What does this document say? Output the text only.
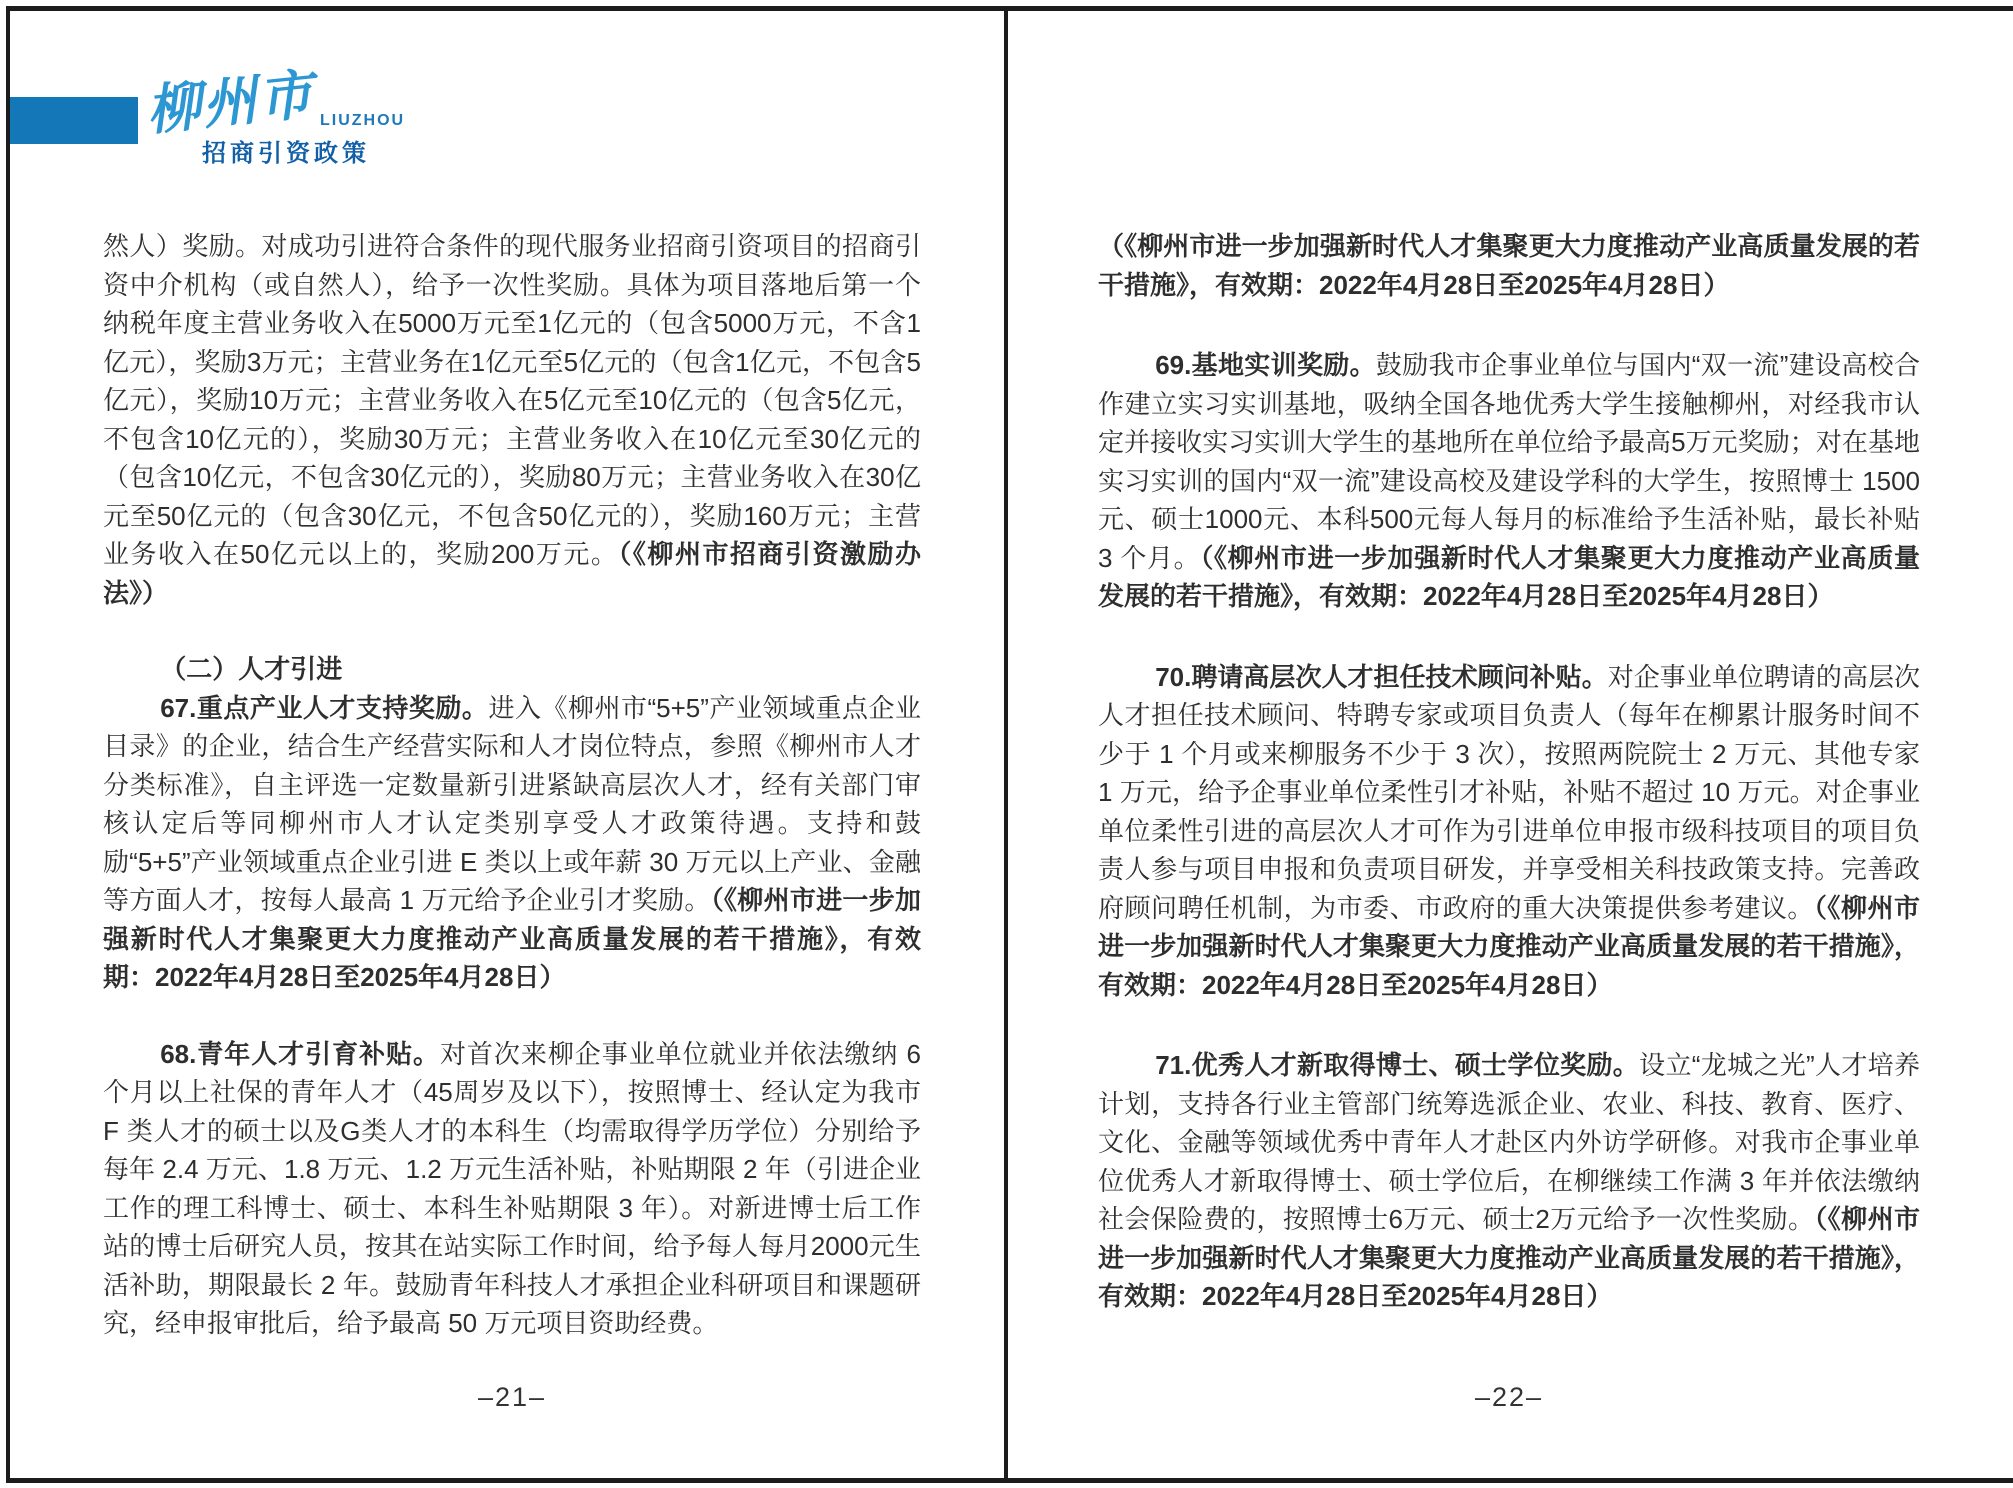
柳州市 LIUZHOU
招商引资政策

然人）奖励。对成功引进符合条件的现代服务业招商引资项目的招商引资中介机构（或自然人），给予一次性奖励。具体为项目落地后第一个纳税年度主营业务收入在5000万元至1亿元的（包含5000万元，不含1亿元），奖励3万元；主营业务在1亿元至5亿元的（包含1亿元，不包含5亿元），奖励10万元；主营业务收入在5亿元至10亿元的（包含5亿元，不包含10亿元的），奖励30万元；主营业务收入在10亿元至30亿元的（包含10亿元，不包含30亿元的），奖励80万元；主营业务收入在30亿元至50亿元的（包含30亿元，不包含50亿元的），奖励160万元；主营业务收入在50亿元以上的，奖励200万元。（《柳州市招商引资激励办法》）

（二）人才引进

67.重点产业人才支持奖励。进入《柳州市“5+5”产业领域重点企业目录》的企业，结合生产经营实际和人才岗位特点，参照《柳州市人才分类标准》，自主评选一定数量新引进紧缺高层次人才，经有关部门审核认定后等同柳州市人才认定类别享受人才政策待遇。支持和鼓励“5+5”产业领域重点企业引进 E 类以上或年薪 30 万元以上产业、金融等方面人才，按每人最高 1 万元给予企业引才奖励。（《柳州市进一步加强新时代人才集聚更大力度推动产业高质量发展的若干措施》，有效期：2022年4月28日至2025年4月28日）

68.青年人才引育补贴。对首次来柳企事业单位就业并依法缴纳 6 个月以上社保的青年人才（45周岁及以下），按照博士、经认定为我市 F 类人才的硕士以及G类人才的本科生（均需取得学历学位）分别给予每年 2.4 万元、1.8 万元、1.2 万元生活补贴，补贴期限 2 年（引进企业工作的理工科博士、硕士、本科生补贴期限 3 年）。对新进博士后工作站的博士后研究人员，按其在站实际工作时间，给予每人每月2000元生活补助，期限最长 2 年。鼓励青年科技人才承担企业科研项目和课题研究，经申报审批后，给予最高 50 万元项目资助经费。

（《柳州市进一步加强新时代人才集聚更大力度推动产业高质量发展的若干措施》，有效期：2022年4月28日至2025年4月28日）

69.基地实训奖励。鼓励我市企事业单位与国内“双一流”建设高校合作建立实习实训基地，吸纳全国各地优秀大学生接触柳州，对经我市认定并接收实习实训大学生的基地所在单位给予最高5万元奖励；对在基地实习实训的国内“双一流”建设高校及建设学科的大学生，按照博士 1500元、硕士1000元、本科500元每人每月的标准给予生活补贴，最长补贴 3 个月。（《柳州市进一步加强新时代人才集聚更大力度推动产业高质量发展的若干措施》，有效期：2022年4月28日至2025年4月28日）

70.聘请高层次人才担任技术顾问补贴。对企事业单位聘请的高层次人才担任技术顾问、特聘专家或项目负责人（每年在柳累计服务时间不少于 1 个月或来柳服务不少于 3 次），按照两院院士 2 万元、其他专家 1 万元，给予企事业单位柔性引才补贴，补贴不超过 10 万元。对企事业单位柔性引进的高层次人才可作为引进单位申报市级科技项目的项目负责人参与项目申报和负责项目研发，并享受相关科技政策支持。完善政府顾问聘任机制，为市委、市政府的重大决策提供参考建议。（《柳州市进一步加强新时代人才集聚更大力度推动产业高质量发展的若干措施》，有效期：2022年4月28日至2025年4月28日）

71.优秀人才新取得博士、硕士学位奖励。设立“龙城之光”人才培养计划，支持各行业主管部门统筹选派企业、农业、科技、教育、医疗、文化、金融等领域优秀中青年人才赴区内外访学研修。对我市企事业单位优秀人才新取得博士、硕士学位后，在柳继续工作满 3 年并依法缴纳社会保险费的，按照博士6万元、硕士2万元给予一次性奖励。（《柳州市进一步加强新时代人才集聚更大力度推动产业高质量发展的若干措施》，有效期：2022年4月28日至2025年4月28日）

–21–	–22–
